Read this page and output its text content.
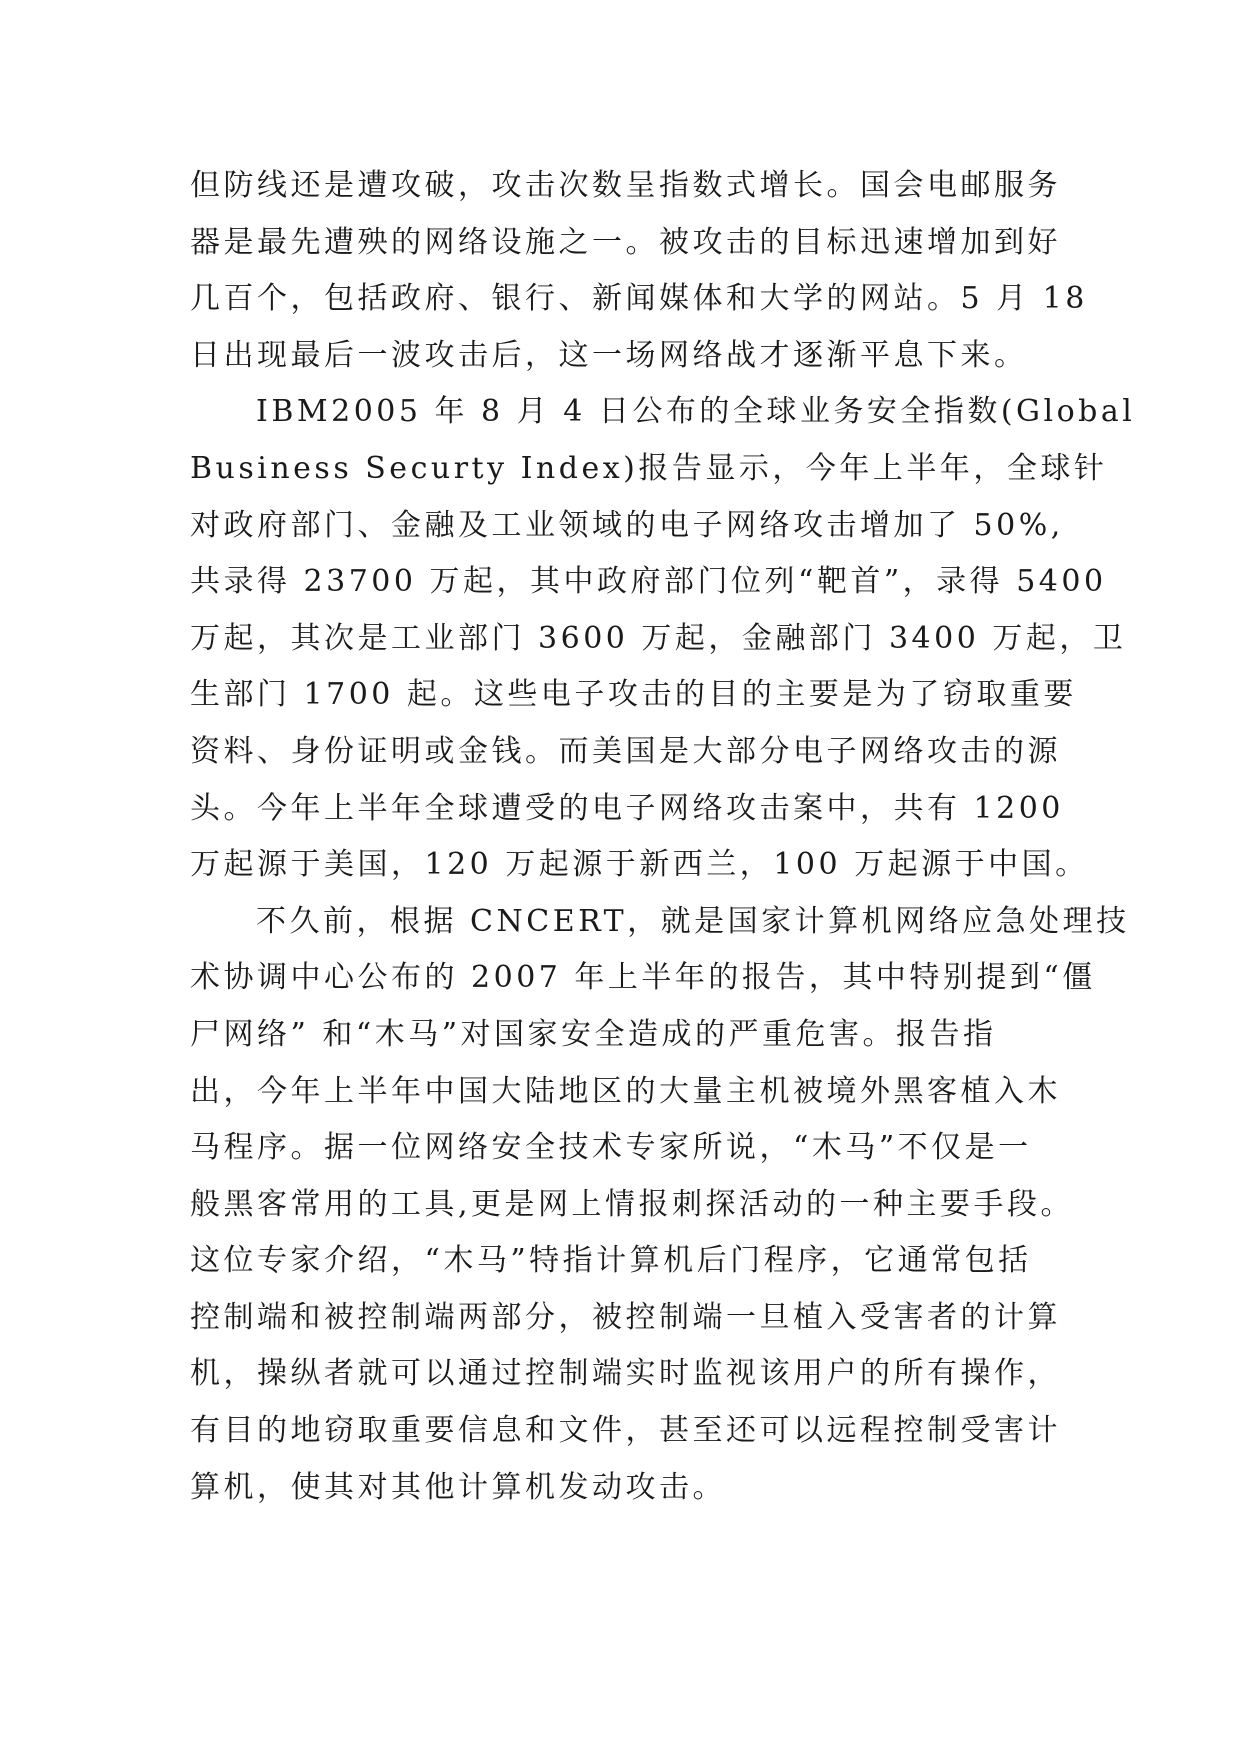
但防线还是遭攻破，攻击次数呈指数式增长。国会电邮服务
器是最先遭殃的网络设施之一。被攻击的目标迅速增加到好
几百个，包括政府、银行、新闻媒体和大学的网站。5 月 18
日出现最后一波攻击后，这一场网络战才逐渐平息下来。

IBM2005 年 8 月 4 日公布的全球业务安全指数(Global
Business Securty Index)报告显示，今年上半年，全球针
对政府部门、金融及工业领域的电子网络攻击增加了 50%,
共录得 23700 万起，其中政府部门位列“靶首”，录得 5400
万起，其次是工业部门 3600 万起，金融部门 3400 万起，卫
生部门 1700 起。这些电子攻击的目的主要是为了窃取重要
资料、身份证明或金钱。而美国是大部分电子网络攻击的源
头。今年上半年全球遭受的电子网络攻击案中，共有 1200
万起源于美国，120 万起源于新西兰，100 万起源于中国。

不久前，根据 CNCERT，就是国家计算机网络应急处理技
术协调中心公布的 2007 年上半年的报告，其中特别提到“僵
尸网络” 和“木马”对国家安全造成的严重危害。报告指
出，今年上半年中国大陆地区的大量主机被境外黑客植入木
马程序。据一位网络安全技术专家所说，“木马”不仅是一
般黑客常用的工具,更是网上情报刺探活动的一种主要手段。
这位专家介绍，“木马”特指计算机后门程序，它通常包括
控制端和被控制端两部分，被控制端一旦植入受害者的计算
机，操纵者就可以通过控制端实时监视该用户的所有操作，
有目的地窃取重要信息和文件，甚至还可以远程控制受害计
算机，使其对其他计算机发动攻击。
